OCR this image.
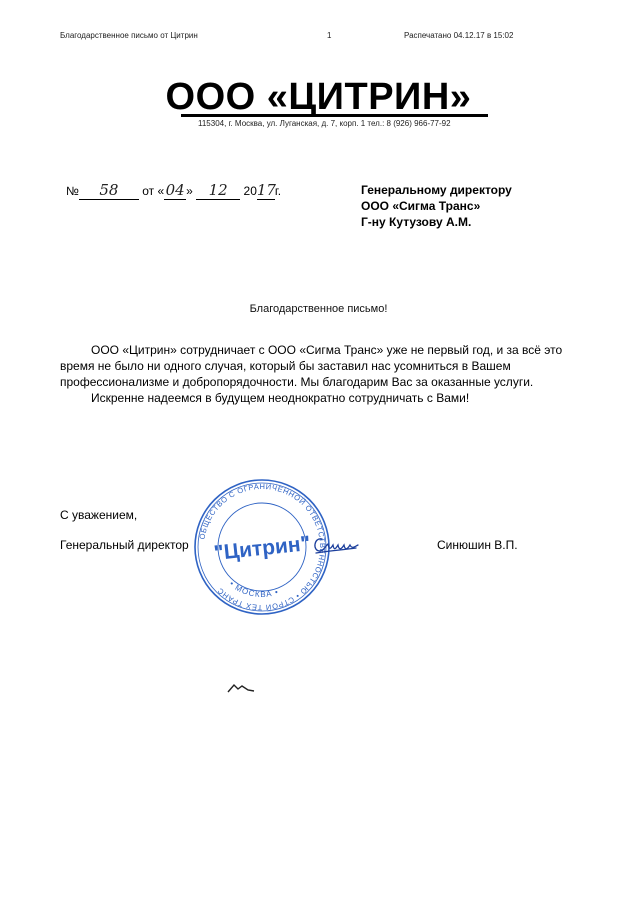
Благодарственное письмо от Цитрин	1	Распечатано 04.12.17 в 15:02
ООО «ЦИТРИН»
115304, г. Москва, ул. Луганская, д. 7, корп. 1 тел.: 8 (926) 966-77-92
№ 58 от «04» 12 2017г.	Генеральному директору
ООО «Сигма Транс»
Г-ну Кутузову А.М.
Благодарственное письмо!

ООО «Цитрин» сотрудничает с ООО «Сигма Транс» уже не первый год, и за всё это время не было ни одного случая, который бы заставил нас усомниться в Вашем профессионализме и добропорядочности. Мы благодарим Вас за оказанные услуги.

Искренне надеемся в будущем неоднократно сотрудничать с Вами!

С уважением,
Генеральный директор	Синюшин В.П.
ОБЩЕСТВО С ОГРАНИЧЕННОЙ ОТВЕТСТВЕННОСТЬЮ • СТРОЙ ТЕХ ТРАНС
• МОСКВА •
"Цитрин"
